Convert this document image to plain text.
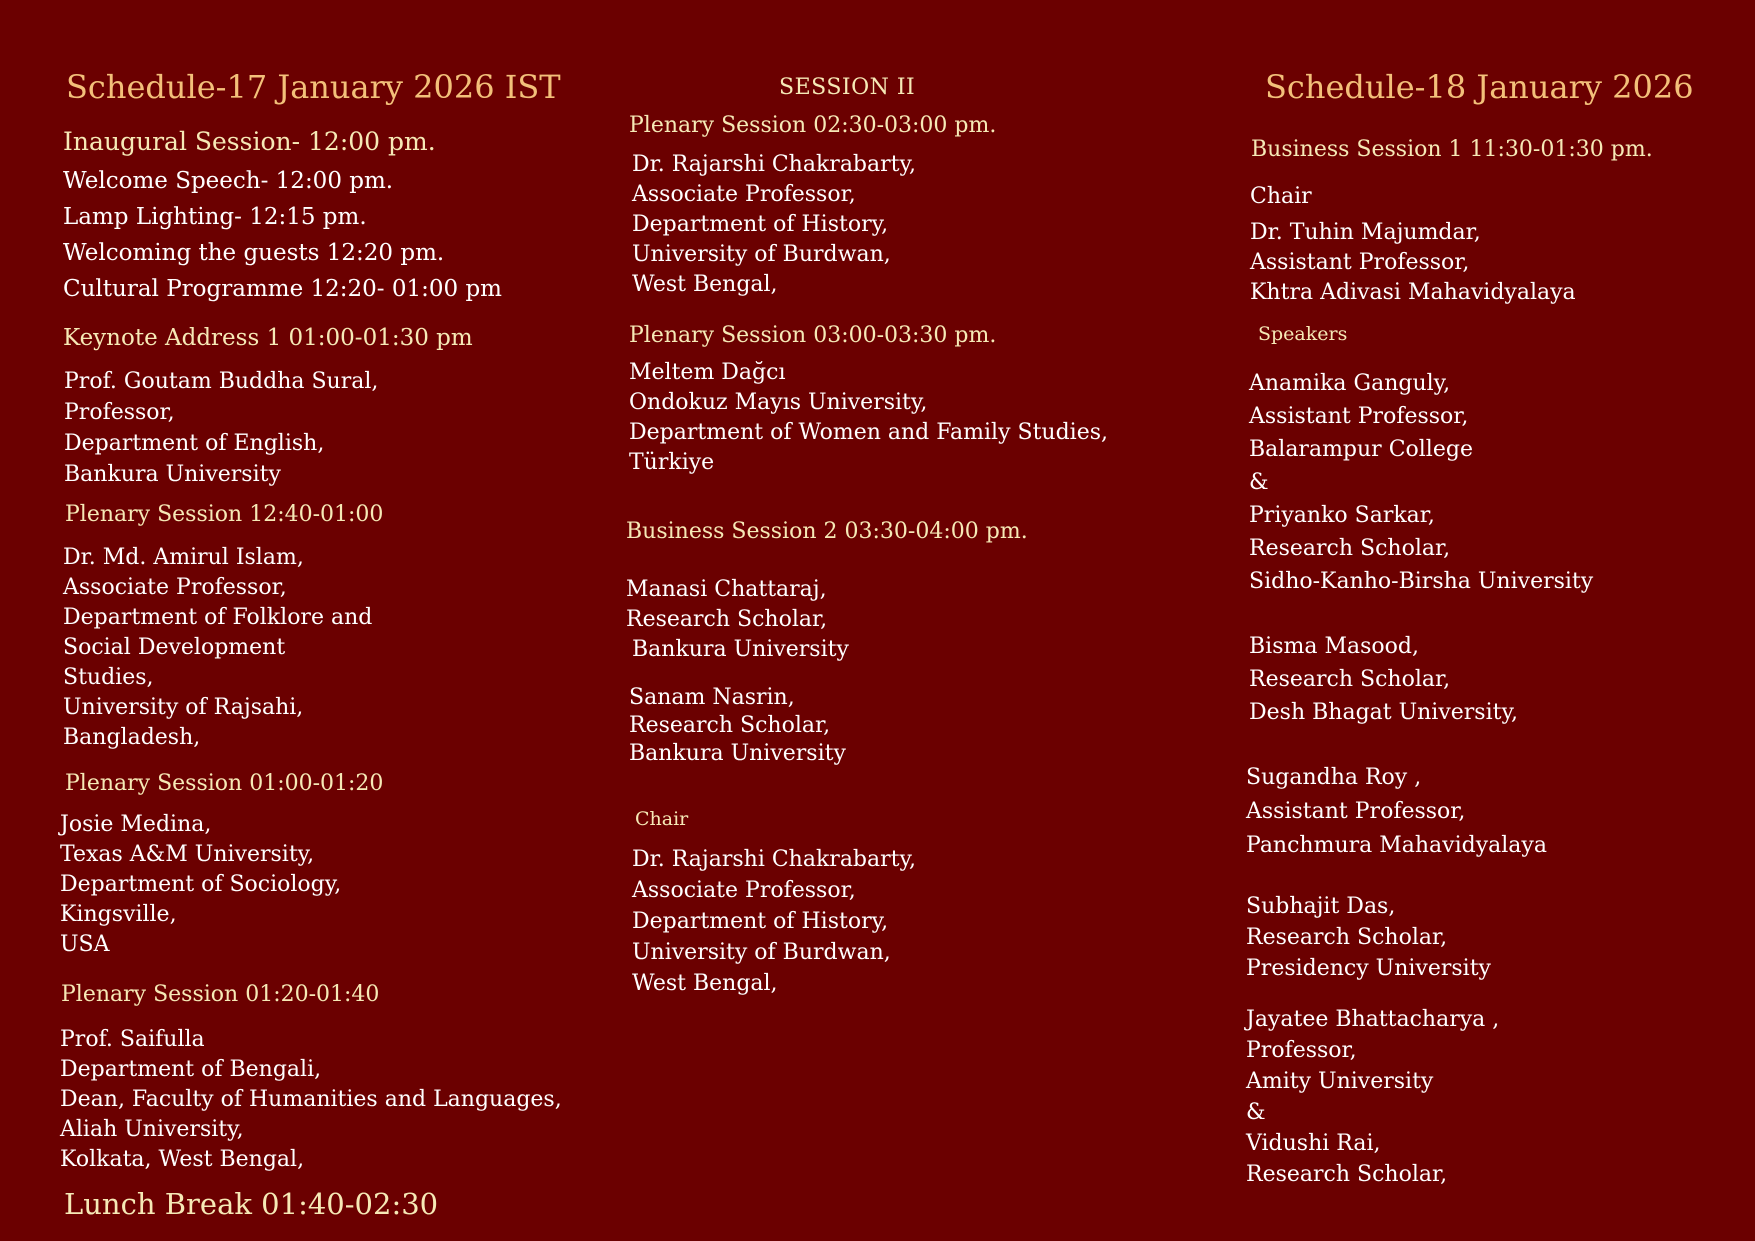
Schedule-17 January 2026 IST
Inaugural Session- 12:00 pm.
Welcome Speech- 12:00 pm.
Lamp Lighting- 12:15 pm.
Welcoming the guests 12:20 pm.
Cultural Programme 12:20- 01:00 pm
Keynote Address 1 01:00-01:30 pm
Prof. Goutam Buddha Sural,
Professor,
Department of English,
Bankura University
Plenary Session 12:40-01:00
Dr. Md. Amirul Islam,
Associate Professor,
Department of Folklore and
Social Development
Studies,
University of Rajsahi,
Bangladesh,
Plenary Session 01:00-01:20
Josie Medina,
Texas A&M University,
Department of Sociology,
Kingsville,
USA
Plenary Session 01:20-01:40
Prof. Saifulla
Department of Bengali,
Dean, Faculty of Humanities and Languages,
Aliah University,
Kolkata, West Bengal,
Lunch Break 01:40-02:30
SESSION II
Plenary Session 02:30-03:00 pm.
Dr. Rajarshi Chakrabarty,
Associate Professor,
Department of History,
University of Burdwan,
West Bengal,
Plenary Session 03:00-03:30 pm.
Meltem Dağcı
Ondokuz Mayıs University,
Department of Women and Family Studies,
Türkiye
Business Session 2 03:30-04:00 pm.
Manasi Chattaraj,
Research Scholar,
Bankura University
Sanam Nasrin,
Research Scholar,
Bankura University
Chair
Dr. Rajarshi Chakrabarty,
Associate Professor,
Department of History,
University of Burdwan,
West Bengal,
Schedule-18 January 2026
Business Session 1 11:30-01:30 pm.
Chair
Dr. Tuhin Majumdar,
Assistant Professor,
Khtra Adivasi Mahavidyalaya
Speakers
Anamika Ganguly,
Assistant Professor,
Balarampur College
&
Priyanko Sarkar,
Research Scholar,
Sidho-Kanho-Birsha University
Bisma Masood,
Research Scholar,
Desh Bhagat University,
Sugandha Roy ,
Assistant Professor,
Panchmura Mahavidyalaya
Subhajit Das,
Research Scholar,
Presidency University
Jayatee Bhattacharya ,
Professor,
Amity University
&
Vidushi Rai,
Research Scholar,
